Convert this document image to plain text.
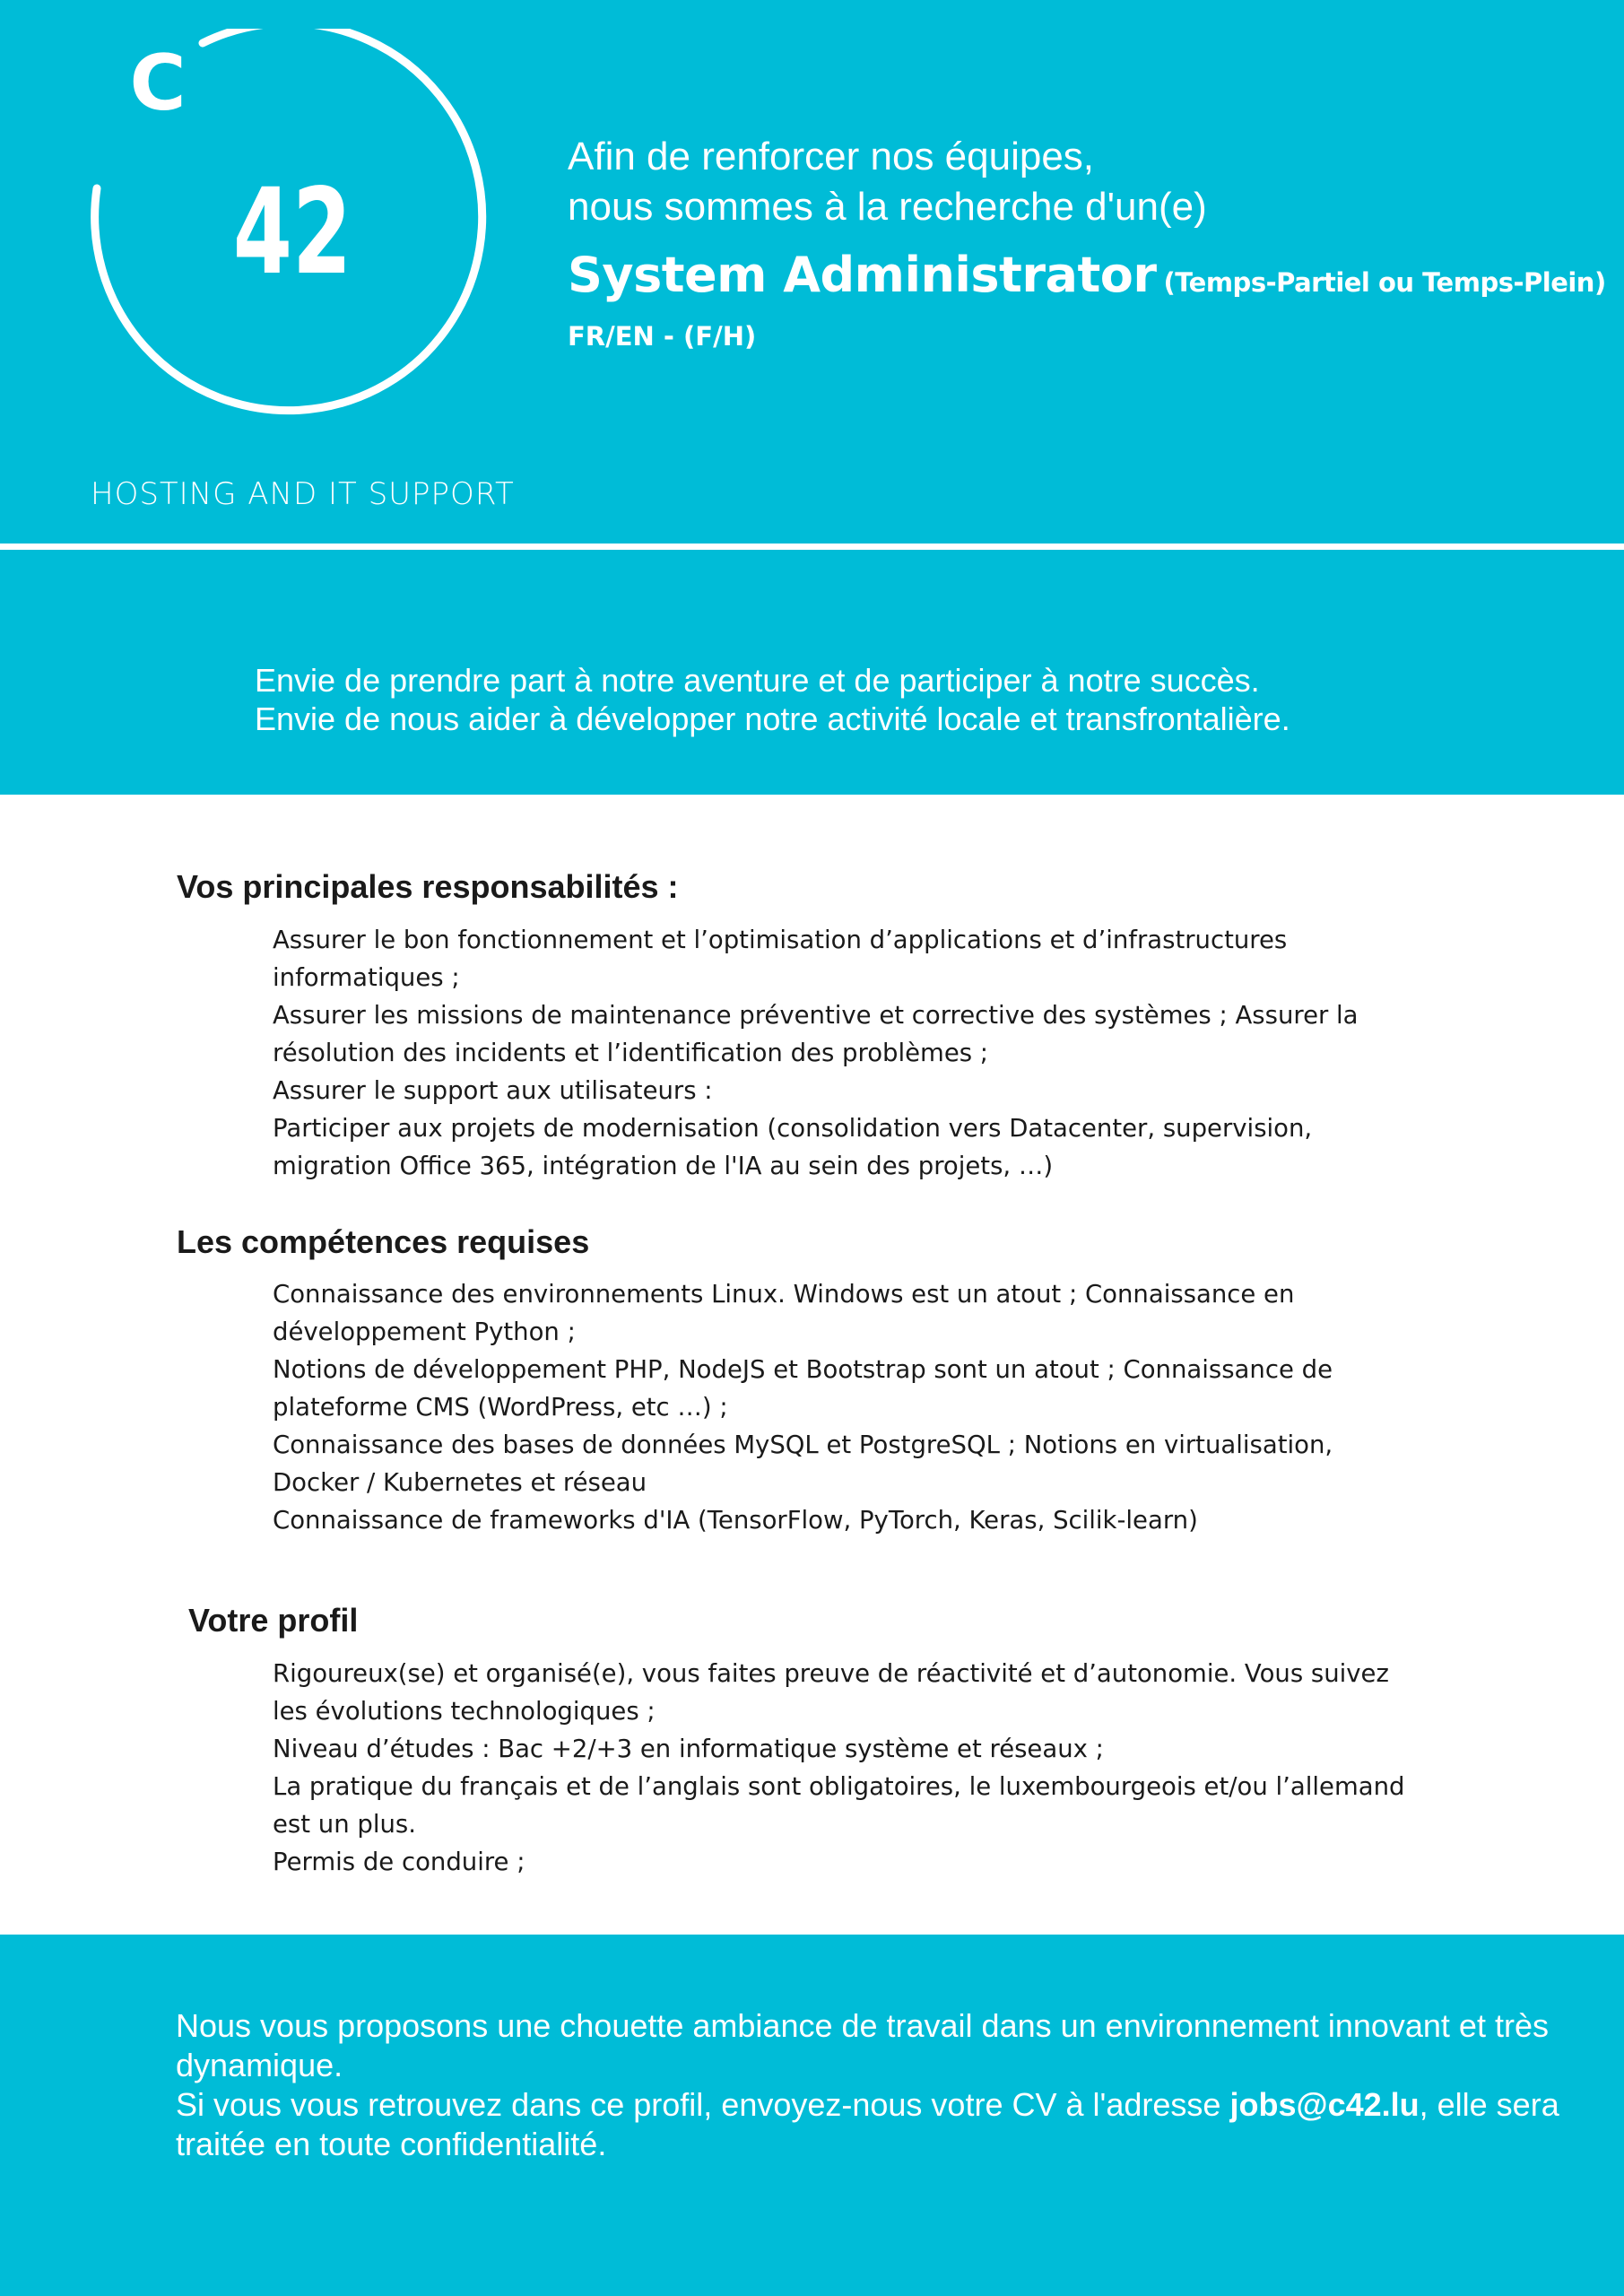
C
42

HOSTING AND IT SUPPORT

Afin de renforcer nos équipes,

nous sommes à la recherche d'un(e)

System Administrator (Temps-Partiel ou Temps-Plein)

FR/EN - (F/H)

Envie de prendre part à notre aventure et de participer à notre succès.

Envie de nous aider à développer notre activité locale et transfrontalière.

Vos principales responsabilités :
Assurer le bon fonctionnement et l’optimisation d’applications et d’infrastructures informatiques ;
Assurer les missions de maintenance préventive et corrective des systèmes ; Assurer la résolution des incidents et l’identification des problèmes ;
Assurer le support aux utilisateurs :
Participer aux projets de modernisation (consolidation vers Datacenter, supervision, migration Office 365, intégration de l'IA au sein des projets, …)
Les compétences requises
Connaissance des environnements Linux. Windows est un atout ; Connaissance en développement Python ;
Notions de développement PHP, NodeJS et Bootstrap sont un atout ; Connaissance de plateforme CMS (WordPress, etc …) ;
Connaissance des bases de données MySQL et PostgreSQL ; Notions en virtualisation, Docker / Kubernetes et réseau
Connaissance de frameworks d'IA (TensorFlow, PyTorch, Keras, Scilik-learn)
Votre profil
Rigoureux(se) et organisé(e), vous faites preuve de réactivité et d’autonomie. Vous suivez les évolutions technologiques ;
Niveau d’études : Bac +2/+3 en informatique système et réseaux ;
La pratique du français et de l’anglais sont obligatoires, le luxembourgeois et/ou l’allemand est un plus.
Permis de conduire ;
Nous vous proposons une chouette ambiance de travail dans un environnement innovant et très dynamique.
Si vous vous retrouvez dans ce profil, envoyez-nous votre CV à l'adresse jobs@c42.lu, elle sera traitée en toute confidentialité.
